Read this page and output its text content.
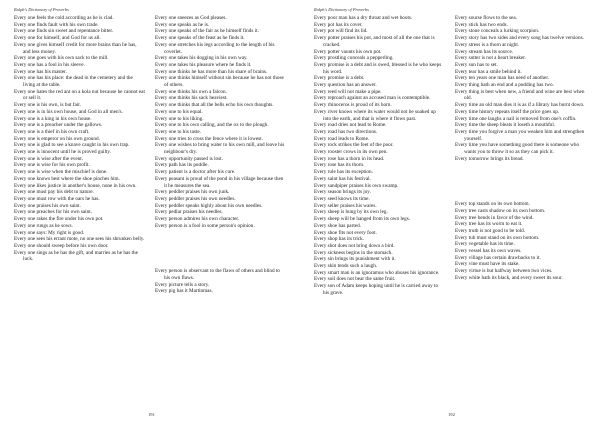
Ralph's Dictionary of Proverbs

Every one feels the cold according as he is clad.

Every one finds fault with his own trade.

Every one finds sin sweet and repentance bitter.

Every one for himself, and God for us all.

Every one gives himself credit for more brains than he has, and less money.

Every one goes with his own sack to the mill.

Every one has a fool in his sleeve.

Every one has his master.

Every one has his place: the dead in the cemetery and the living at the table.

Every one hates the red ant on a kola nut because he cannot eat or sell it.

Every one is his own, is but fair.

Every one is in his own house, and God in all men's.

Every one is a king in his own house.

Every one is a preacher under the gallows.

Every one is a thief in his own craft.

Every one is emperor on his own ground.

Every one is glad to see a knave caught in his own trap.

Every one is innocent until he is proved guilty.

Every one is wise after the event.

Every one is wise for his own profit.

Every one is wise when the mischief is done.

Every one knows best where the shoe pinches him.

Every one likes justice in another's house, none in his own.

Every one must pay his debt to nature.

Every one must row with the oars he has.

Every one praises his own saint.

Every one preaches for his own saint.

Every one rakes the fire under his own pot.

Every one rungs as he sows.

Every one says: My right is good.

Every one sees his errant mote, no one sees his shrunken belly.

Every one should sweep before his own door.

Every one sings as he has the gift, and marries as he has the luck.

Every one sneezes as God pleases.

Every one speaks as he is.

Every one speaks of the fair as he himself finds it.

Every one speaks of the feast as he finds it.

Every one stretches his legs according to the length of his coverlet.

Every one takes his dogging in his own way.

Every one takes his pleasure where he finds it.

Every one thinks he has more than his share of brains.

Every one thinks himself without sin because he has not those of others.

Every one thinks his own a falcon.

Every one thinks his sack heaviest.

Every one thinks that all the bells echo his own thoughts.

Every one to his equal.

Every one to his liking.

Every one to his own calling, and the ox to the plough.

Every one to his taste.

Every one tries to cross the fence where it is lowest.

Every one wishes to bring water to his own mill, and leave his neighbour's dry.

Every opportunity passed is lost.

Every path has its puddle.

Every patient is a doctor after his cure.

Every peasant is proud of the pond in his village because then it he measures the sea.

Every peddler praises his own junk.

Every peddler praises his own needles.

Every peddler speaks highly about his own needles.

Every pedlar praises his needles.

Every person admires his own character.

Every person is a fool in some person's opinion.

Every person is observant to the flaws of others and blind to his own flaws.

Every picture tells a story.

Every pig has it Martinmas.

191
Ralph's Dictionary of Proverbs

Every poor man has a dry throat and wet boots.

Every pot has its cover.

Every pot will find its lid.

Every potter praises his pot, and most of all the one that is cracked.

Every potter vaunts his own pot.

Every prostling conceals a pepperling.

Every promise is a debt and is owed, blessed is he who keeps his word.

Every promise is a debt.

Every question has an answer.

Every reed will not make a pipe.

Every reproach against an accused man is contemptible.

Every rhinoceros is proud of its horn.

Every river knows where its water would not be soaked up into the earth, and that is where it flows past.

Every road dries not lead to Rome.

Every road has two directions.

Every road leads to Rome.

Every rock strikes the feet of the poor.

Every rooster crows in its own pen.

Every rose has a thorn in its head.

Every rose has its thorn.

Every rule has its exception.

Every saint has his festival.

Every sandpiper praises his own swamp.

Every season brings its joy.

Every seed knows its time.

Every seller praises his wares.

Every sheep is hung by its own leg.

Every sheep will be hanged from its own legs.

Every shoe has parted.

Every shoe fits not every foot.

Every shop has its trick.

Every shot does not bring down a bird.

Every sickness begins in the stomach.

Every sin brings its punishment with it.

Every skin tends such a laugh.

Every smart man is an ignoramus who abuses his ignorance.

Every soil does not bear the same fruit.

Every son of Adam keeps hoping until he is carried away to his grave.

Every sourse flows to the sea.

Every stick has two ends.

Every stone conceals a lurking scorpion.

Every story has two sides and every song has twelve versions.

Every stress is a thorn at night.

Every stream has its source.

Every sutter is not a heart breaker.

Every sun has to set.

Every tear has a smile behind it.

Every ten years one man has need of another.

Every thing hath an end and a pudding has two.

Every thing is best when new, a friend and wine are best when old.

Every time an old man dies it is as if a library has burnt down.

Every time history repeats itself the price goes up.

Every time one laughs a nail is removed from one's coffin.

Every time the sheep bleats it loseth a mouthful.

Every time you forgive a man you weaken him and strengthen yourself.

Every time you have something good there is someone who wants you to throw it so as they can pick it.

Every tomorrow brings its bread.

Every top stands on its own bottom.

Every tree casts shadow on its own bottom.

Every tree bends in favor of the wind.

Every tree has its worm to eat it.

Every truth is not good to be told.

Every tub must stand on its own bottom.

Every vegetable has its time.

Every vessel has its own waves.

Every village has certain drawbacks to it.

Every vine must have its stake.

Every virtue is but halfway between two vices.

Every white hath its black, and every sweet its sour.

192
